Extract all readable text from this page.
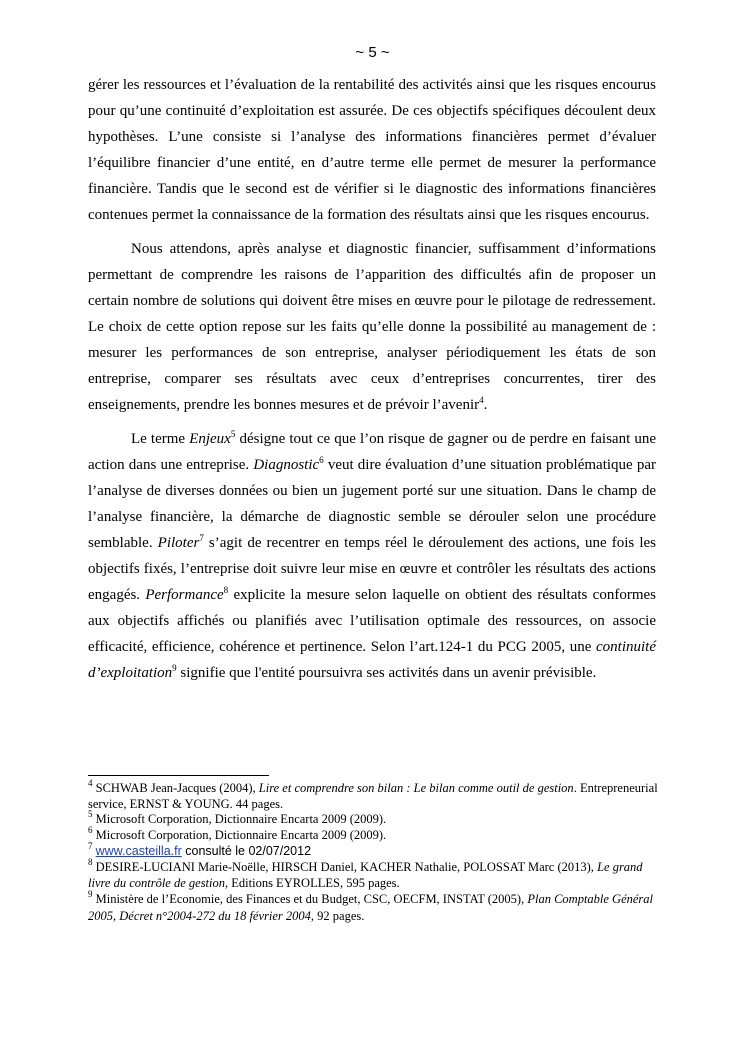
~ 5 ~

gérer les ressources et l’évaluation de la rentabilité des activités ainsi que les risques encourus pour qu’une continuité d’exploitation est assurée. De ces objectifs spécifiques découlent deux hypothèses. L’une consiste si l’analyse des informations financières permet d’évaluer l’équilibre financier d’une entité, en d’autre terme elle permet de mesurer la performance financière. Tandis que le second est de vérifier si le diagnostic des informations financières contenues permet la connaissance de la formation des résultats ainsi que les risques encourus.

Nous attendons, après analyse et diagnostic financier, suffisamment d’informations permettant de comprendre les raisons de l’apparition des difficultés afin de proposer un certain nombre de solutions qui doivent être mises en œuvre pour le pilotage de redressement. Le choix de cette option repose sur les faits qu’elle donne la possibilité au management de : mesurer les performances de son entreprise, analyser périodiquement les états de son entreprise, comparer ses résultats avec ceux d’entreprises concurrentes, tirer des enseignements, prendre les bonnes mesures et de prévoir l’avenir$^4$.

Le terme Enjeux$^5$ désigne tout ce que l’on risque de gagner ou de perdre en faisant une action dans une entreprise. Diagnostic$^6$ veut dire évaluation d’une situation problématique par l’analyse de diverses données ou bien un jugement porté sur une situation. Dans le champ de l’analyse financière, la démarche de diagnostic semble se dérouler selon une procédure semblable. Piloter$^7$ s’agit de recentrer en temps réel le déroulement des actions, une fois les objectifs fixés, l’entreprise doit suivre leur mise en œuvre et contrôler les résultats des actions engagés. Performance$^8$ explicite la mesure selon laquelle on obtient des résultats conformes aux objectifs affichés ou planifiés avec l’utilisation optimale des ressources, on associe efficacité, efficience, cohérence et pertinence. Selon l’art.124-1 du PCG 2005, une continuité d’exploitation$^9$ signifie que l'entité poursuivra ses activités dans un avenir prévisible.

$^4$ SCHWAB Jean-Jacques (2004), Lire et comprendre son bilan : Le bilan comme outil de gestion. Entrepreneurial service, ERNST & YOUNG. 44 pages.

$^5$ Microsoft Corporation, Dictionnaire Encarta 2009 (2009).

$^6$ Microsoft Corporation, Dictionnaire Encarta 2009 (2009).

$^7$ www.casteilla.fr consulté le 02/07/2012

$^8$ DESIRE-LUCIANI Marie-Noëlle, HIRSCH Daniel, KACHER Nathalie, POLOSSAT Marc (2013), Le grand livre du contrôle de gestion, Editions EYROLLES, 595 pages.

$^9$ Ministère de l’Economie, des Finances et du Budget, CSC, OECFM, INSTAT (2005), Plan Comptable Général 2005, Décret n°2004-272 du 18 février 2004, 92 pages.
